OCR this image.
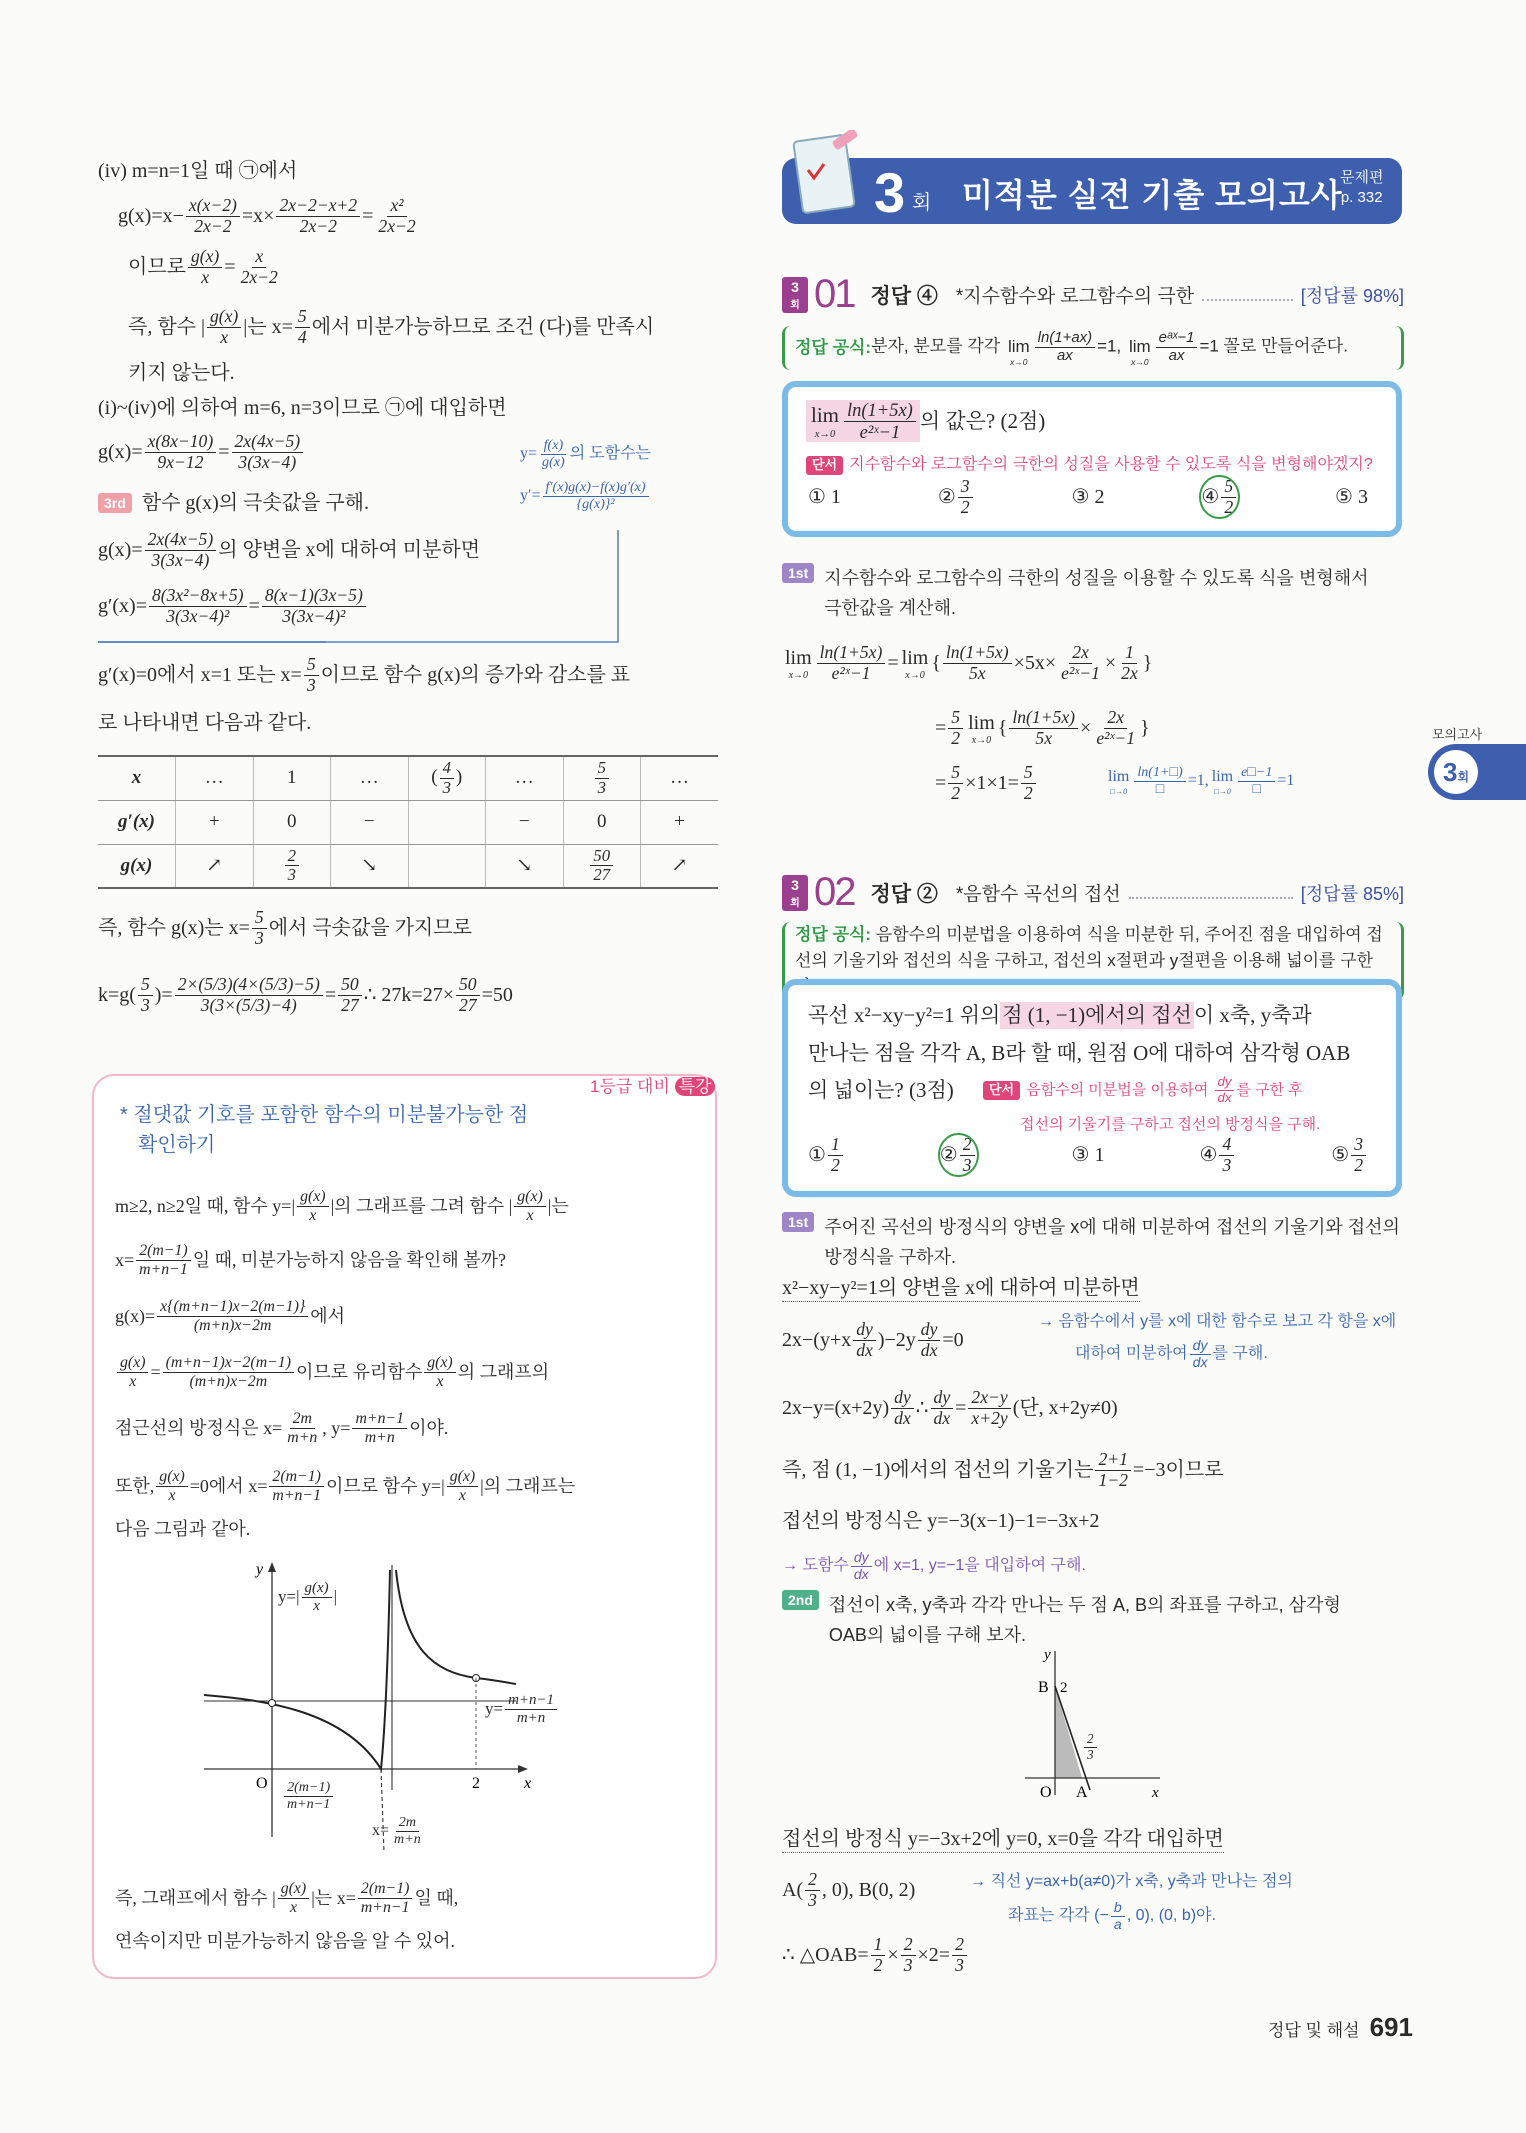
(iv) m=n=1일 때 ㉠에서
$g(x)=x- \frac{x(x-2)}{2x-2} =x\times \frac{2x-2-x+2}{2x-2} = \frac{\text{x²}}{2x-2}$
이므로 $\frac{g(x)}{x} = \frac{x}{2x-2}$
즉, 함수 | $\frac{g(x)}{x}$ |는 $x= \frac{5}{4}$ 에서 미분가능하므로 조건 (다)를 만족시
키지 않는다.
(i)~(iv)에 의하여 m=6, n=3이므로 ㉠에 대입하면
$g(x)= \frac{x(8x-10)}{9x-12} = \frac{2x(4x-5)}{3(3x-4)}$	$y= \frac{f(x)}{g(x)}$ 의 도함수는
$y'= \frac{f'(x)g(x)-f(x)g'(x)}{\text{\{g(x)\}²}}$
3rd 함수 g(x)의 극솟값을 구해.
$g(x)= \frac{2x(4x-5)}{3(3x-4)}$ 의 양변을 x에 대하여 미분하면
$g'(x)= \frac{\text{8(3x²−8x+5)}}{\text{3(3x−4)²}} = \frac{8(x-1)(3x-5)}{\text{3(3x−4)²}}$
g′(x)=0에서 x=1 또는 $x= \frac{5}{3}$ 이므로 함수 g(x)의 증가와 감소를 표
로 나타내면 다음과 같다.
x	…	1	…	( $\frac{4}{3}$ )	…	$\frac{5}{3}$	…
g′(x)	+	0	−		−	0	+
g(x)	↗	$\frac{2}{3}$	↘		↘	$\frac{50}{27}$	↗
즉, 함수 g(x)는 $x= \frac{5}{3}$ 에서 극솟값을 가지므로
$k=g( \frac{5}{3}$ )= $\frac{2\times(5/3)(4\times(5/3)-5)}{3(3\times(5/3)-4)} = \frac{50}{27}$ ∴ $27k=27\times \frac{50}{27} =50$
1등급 대비 특강
* 절댓값 기호를 포함한 함수의 미분불가능한 점
확인하기
m≥2, n≥2일 때, 함수 $y=| \frac{g(x)}{x}$ |의 그래프를 그려 함수 | $\frac{g(x)}{x}$ |는
$x= \frac{2(m-1)}{m+n-1}$ 일 때, 미분가능하지 않음을 확인해 볼까?
$g(x)= \frac{x\{(m+n-1)x-2(m-1)\}}{(m+n)x-2m}$ 에서
$\frac{g(x)}{x} = \frac{(m+n-1)x-2(m-1)}{(m+n)x-2m}$ 이므로 유리함수 $\frac{g(x)}{x}$ 의 그래프의
점근선의 방정식은 $x= \frac{2m}{m+n}$ , $y= \frac{m+n-1}{m+n}$ 이야.
또한, $\frac{g(x)}{x} =0$에서 $x= \frac{2(m-1)}{m+n-1}$ 이므로 함수 $y=| \frac{g(x)}{x}$ |의 그래프는
다음 그림과 같아.
y
O	2	x
$y=| \frac{g(x)}{x}$ |
$y= \frac{m+n-1}{m+n}$
$\frac{2(m-1)}{m+n-1}$
$x= \frac{2m}{m+n}$
즉, 그래프에서 함수 | $\frac{g(x)}{x}$ |는 $x= \frac{2(m-1)}{m+n-1}$ 일 때,
연속이지만 미분가능하지 않음을 알 수 있어.
3 회 미적분 실전 기출 모의고사
문제편
p. 332
3
회 01 정답 ④ *지수함수와 로그함수의 극한	[정답률 98%]
정답 공식: 분자, 분모를 각각 lim
$x\to 0 \frac{\ln(1+ax)}{ax} =1$, lim
x→0
eᵃˣ−1
ax =1 꼴로 만들어준다.
lim
$x\to 0 \frac{\ln(1+5x)}{\text{e²ˣ−1}}$ 의 값은? (2점)
단서 지수함수와 로그함수의 극한의 성질을 사용할 수 있도록 식을 변형해야겠지?
① 1	② $\frac{3}{2}$	③ 2	④ $\frac{5}{2}$	⑤ 3
1st 지수함수와 로그함수의 극한의 성질을 이용할 수 있도록 식을 변형해서
극한값을 계산해.
lim
$x\to 0 \frac{\ln(1+5x)}{\text{e²ˣ−1}} = \lim$
x→0
{ $\frac{\ln(1+5x)}{5x} \times 5x\times \frac{2x}{\text{e²ˣ−1}} \times \frac{1}{2x}$ }
= $\frac{5}{2}$ lim
x→0
{ $\frac{\ln(1+5x)}{5x} \times \frac{2x}{\text{e²ˣ−1}}$ }
= $\frac{5}{2} \times 1\times 1= \frac{5}{2}$	lim
□→0
ln(1+□)
□ =1, lim
□→0
e□−1
□ =1
3
회 02 정답 ② *음함수 곡선의 접선	[정답률 85%]
정답 공식: 음함수의 미분법을 이용하여 식을 미분한 뒤, 주어진 점을 대입하여 접
선의 기울기와 접선의 식을 구하고, 접선의 x절편과 y절편을 이용해 넓이를 구한
곡선 x²−xy−y²=1 위의 점 (1, −1)에서의 접선 이 x축, y축과
만나는 점을 각각 A, B라 할 때, 원점 O에 대하여 삼각형 OAB
의 넓이는? (3점)	단서 음함수의 미분법을 이용하여 $\frac{dy}{dx}$ 를 구한 후
접선의 기울기를 구하고 접선의 방정식을 구해.
① $\frac{1}{2}$	② $\frac{2}{3}$	③ 1	④ $\frac{4}{3}$	⑤ $\frac{3}{2}$
1st 주어진 곡선의 방정식의 양변을 x에 대해 미분하여 접선의 기울기와 접선의
방정식을 구하자.
x²−xy−y²=1의 양변을 x에 대하여 미분하면
$2x-(y+x \frac{dy}{dx} )-2y \frac{dy}{dx} =0$
→ 음함수에서 y를 x에 대한 함수로 보고 각 항을 x에
대하여 미분하여 $\frac{dy}{dx}$ 를 구해.
$2x-y=(x+2y) \frac{dy}{dx}$ ∴ $\frac{dy}{dx} = \frac{2x-y}{x+2y}$ (단, x+2y≠0)
즉, 점 (1, −1)에서의 접선의 기울기는 $\frac{2+1}{1-2} =-3$이므로
접선의 방정식은 y=−3(x−1)−1=−3x+2
→ 도함수 $\frac{dy}{dx}$ 에 x=1, y=−1을 대입하여 구해.
2nd 접선이 x축, y축과 각각 만나는 두 점 A, B의 좌표를 구하고, 삼각형
OAB의 넓이를 구해 보자.
y
B 2
O A	x
$\frac{2}{3}$
접선의 방정식 y=−3x+2에 y=0, x=0을 각각 대입하면
$A( \frac{2}{3}$ , 0), B(0, 2)	→ 직선 y=ax+b(a≠0)가 x축, y축과 만나는 점의
좌표는 각각 (− $\frac{b}{a}$ , 0), (0, b)야.
∴ △OAB= $\frac{1}{2} \times \frac{2}{3} \times 2= \frac{2}{3}$
모의고사
3회
정답 및 해설 691
